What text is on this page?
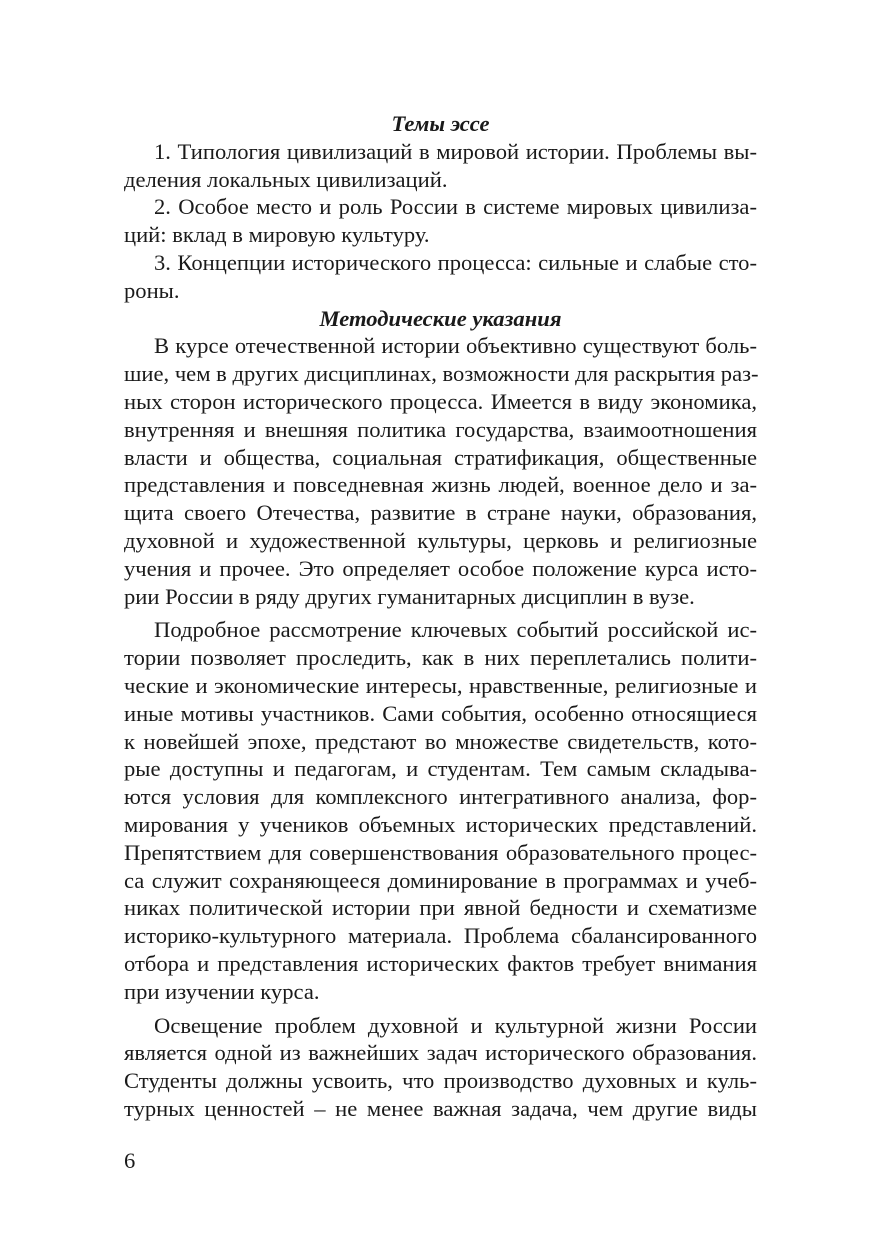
Темы эссе
1. Типология цивилизаций в мировой истории. Проблемы вы-
деления локальных цивилизаций.
2. Особое место и роль России в системе мировых цивилиза-
ций: вклад в мировую культуру.
3. Концепции исторического процесса: сильные и слабые сто-
роны.
Методические указания
В курсе отечественной истории объективно существуют боль-
шие, чем в других дисциплинах, возможности для раскрытия раз-
ных сторон исторического процесса. Имеется в виду экономика,
внутренняя и внешняя политика государства, взаимоотношения
власти и общества, социальная стратификация, общественные
представления и повседневная жизнь людей, военное дело и за-
щита своего Отечества, развитие в стране науки, образования,
духовной и художественной культуры, церковь и религиозные
учения и прочее. Это определяет особое положение курса исто-
рии России в ряду других гуманитарных дисциплин в вузе.
Подробное рассмотрение ключевых событий российской ис-
тории позволяет проследить, как в них переплетались полити-
ческие и экономические интересы, нравственные, религиозные и
иные мотивы участников. Сами события, особенно относящиеся
к новейшей эпохе, предстают во множестве свидетельств, кото-
рые доступны и педагогам, и студентам. Тем самым складыва-
ются условия для комплексного интегративного анализа, фор-
мирования у учеников объемных исторических представлений.
Препятствием для совершенствования образовательного процес-
са служит сохраняющееся доминирование в программах и учеб-
никах политической истории при явной бедности и схематизме
историко-культурного материала. Проблема сбалансированного
отбора и представления исторических фактов требует внимания
при изучении курса.
Освещение проблем духовной и культурной жизни России
является одной из важнейших задач исторического образования.
Студенты должны усвоить, что производство духовных и куль-
турных ценностей – не менее важная задача, чем другие виды
6
